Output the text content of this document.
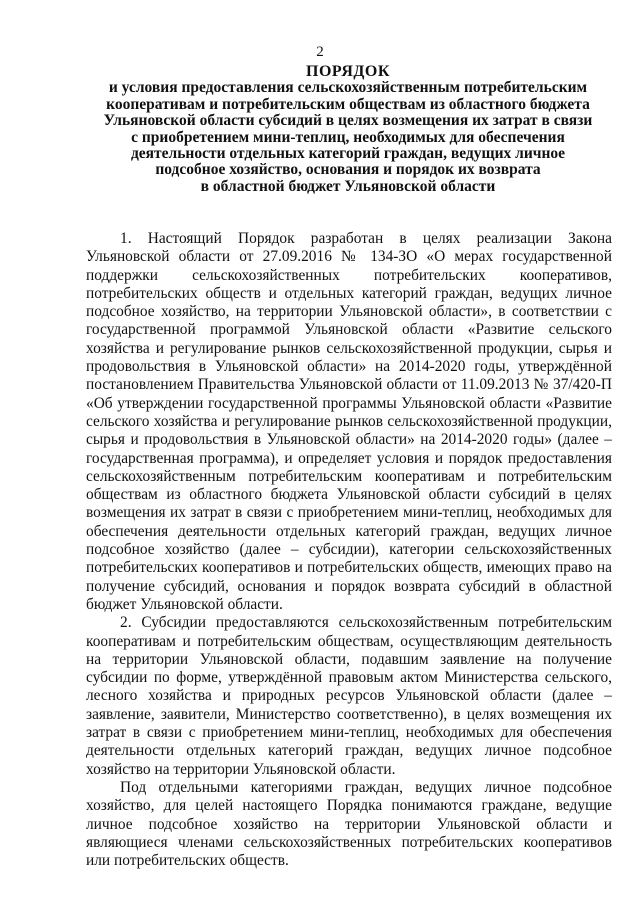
2
ПОРЯДОК
и условия предоставления сельскохозяйственным потребительским
кооперативам и потребительским обществам из областного бюджета
Ульяновской области субсидий в целях возмещения их затрат в связи
с приобретением мини-теплиц, необходимых для обеспечения
деятельности отдельных категорий граждан, ведущих личное
подсобное хозяйство, основания и порядок их возврата
в областной бюджет Ульяновской области

1. Настоящий Порядок разработан в целях реализации Закона Ульяновской области от 27.09.2016 № 134-ЗО «О мерах государственной поддержки сельскохозяйственных потребительских кооперативов, потребительских обществ и отдельных категорий граждан, ведущих личное подсобное хозяйство, на территории Ульяновской области», в соответствии с государственной программой Ульяновской области «Развитие сельского хозяйства и регулирование рынков сельскохозяйственной продукции, сырья и продовольствия в Ульяновской области» на 2014-2020 годы, утверждённой постановлением Правительства Ульяновской области от 11.09.2013 № 37/420-П «Об утверждении государственной программы Ульяновской области «Развитие сельского хозяйства и регулирование рынков сельскохозяйственной продукции, сырья и продовольствия в Ульяновской области» на 2014-2020 годы» (далее – государственная программа), и определяет условия и порядок предоставления сельскохозяйственным потребительским кооперативам и потребительским обществам из областного бюджета Ульяновской области субсидий в целях возмещения их затрат в связи с приобретением мини-теплиц, необходимых для обеспечения деятельности отдельных категорий граждан, ведущих личное подсобное хозяйство (далее – субсидии), категории сельскохозяйственных потребительских кооперативов и потребительских обществ, имеющих право на получение субсидий, основания и порядок возврата субсидий в областной бюджет Ульяновской области.

2. Субсидии предоставляются сельскохозяйственным потребительским кооперативам и потребительским обществам, осуществляющим деятельность на территории Ульяновской области, подавшим заявление на получение субсидии по форме, утверждённой правовым актом Министерства сельского, лесного хозяйства и природных ресурсов Ульяновской области (далее – заявление, заявители, Министерство соответственно), в целях возмещения их затрат в связи с приобретением мини-теплиц, необходимых для обеспечения деятельности отдельных категорий граждан, ведущих личное подсобное хозяйство на территории Ульяновской области.

Под отдельными категориями граждан, ведущих личное подсобное хозяйство, для целей настоящего Порядка понимаются граждане, ведущие личное подсобное хозяйство на территории Ульяновской области и являющиеся членами сельскохозяйственных потребительских кооперативов или потребительских обществ.
